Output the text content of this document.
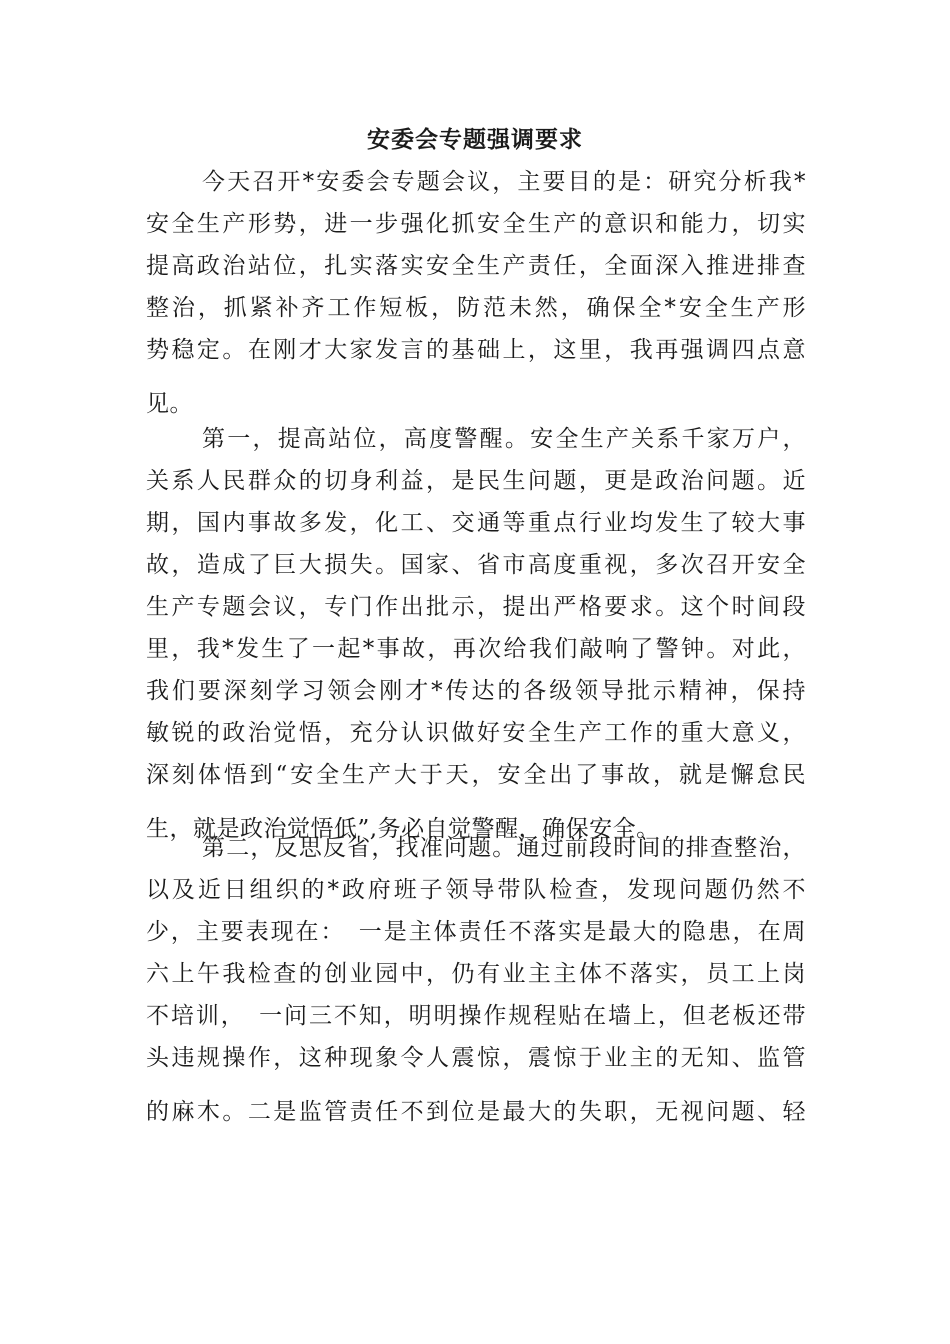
安委会专题强调要求
今天召开*安委会专题会议，主要目的是：研究分析我*
安全生产形势，进一步强化抓安全生产的意识和能力，切实
提高政治站位，扎实落实安全生产责任，全面深入推进排查
整治，抓紧补齐工作短板，防范未然，确保全*安全生产形
势稳定。在刚才大家发言的基础上，这里，我再强调四点意
见。
第一，提高站位，高度警醒。安全生产关系千家万户，
关系人民群众的切身利益，是民生问题，更是政治问题。近
期，国内事故多发，化工、交通等重点行业均发生了较大事
故，造成了巨大损失。国家、省市高度重视，多次召开安全
生产专题会议，专门作出批示，提出严格要求。这个时间段
里，我*发生了一起*事故，再次给我们敲响了警钟。对此，
我们要深刻学习领会刚才*传达的各级领导批示精神，保持
敏锐的政治觉悟，充分认识做好安全生产工作的重大意义，
深刻体悟到“安全生产大于天，安全出了事故，就是懈怠民
生，就是政治觉悟低”,务必自觉警醒，确保安全。
第二，反思反省，找准问题。通过前段时间的排查整治，
以及近日组织的*政府班子领导带队检查，发现问题仍然不
少，主要表现在：　一是主体责任不落实是最大的隐患，在周
六上午我检查的创业园中，仍有业主主体不落实，员工上岗
不培训，　一问三不知，明明操作规程贴在墙上，但老板还带
头违规操作，这种现象令人震惊，震惊于业主的无知、监管
的麻木。二是监管责任不到位是最大的失职，无视问题、轻
